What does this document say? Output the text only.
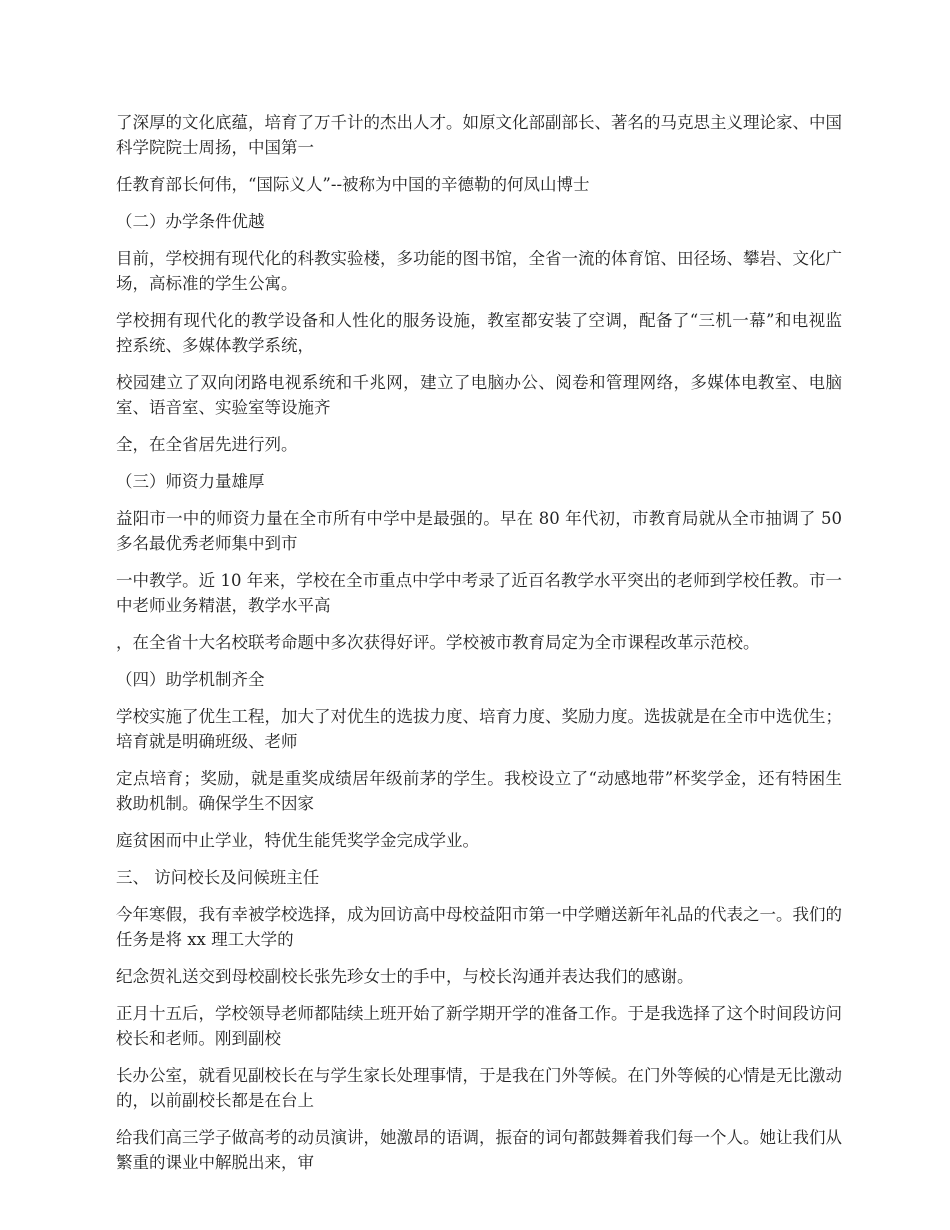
了深厚的文化底蕴，培育了万千计的杰出人才。如原文化部副部长、著名的马克思主义理论家、中国科学院院士周扬，中国第一

任教育部长何伟，“国际义人”--被称为中国的辛德勒的何凤山博士

（二）办学条件优越

目前，学校拥有现代化的科教实验楼，多功能的图书馆，全省一流的体育馆、田径场、攀岩、文化广场，高标准的学生公寓。

学校拥有现代化的教学设备和人性化的服务设施，教室都安装了空调，配备了“三机一幕”和电视监控系统、多媒体教学系统，

校园建立了双向闭路电视系统和千兆网，建立了电脑办公、阅卷和管理网络，多媒体电教室、电脑室、语音室、实验室等设施齐

全，在全省居先进行列。

（三）师资力量雄厚

益阳市一中的师资力量在全市所有中学中是最强的。早在 80 年代初，市教育局就从全市抽调了 50 多名最优秀老师集中到市

一中教学。近 10 年来，学校在全市重点中学中考录了近百名教学水平突出的老师到学校任教。市一中老师业务精湛，教学水平高

，在全省十大名校联考命题中多次获得好评。学校被市教育局定为全市课程改革示范校。

（四）助学机制齐全

学校实施了优生工程，加大了对优生的选拔力度、培育力度、奖励力度。选拔就是在全市中选优生；培育就是明确班级、老师

定点培育；奖励，就是重奖成绩居年级前茅的学生。我校设立了“动感地带”杯奖学金，还有特困生救助机制。确保学生不因家

庭贫困而中止学业，特优生能凭奖学金完成学业。

三、 访问校长及问候班主任

今年寒假，我有幸被学校选择，成为回访高中母校益阳市第一中学赠送新年礼品的代表之一。我们的任务是将 xx 理工大学的

纪念贺礼送交到母校副校长张先珍女士的手中，与校长沟通并表达我们的感谢。

正月十五后，学校领导老师都陆续上班开始了新学期开学的准备工作。于是我选择了这个时间段访问校长和老师。刚到副校

长办公室，就看见副校长在与学生家长处理事情，于是我在门外等候。在门外等候的心情是无比激动的，以前副校长都是在台上

给我们高三学子做高考的动员演讲，她激昂的语调，振奋的词句都鼓舞着我们每一个人。她让我们从繁重的课业中解脱出来，审
